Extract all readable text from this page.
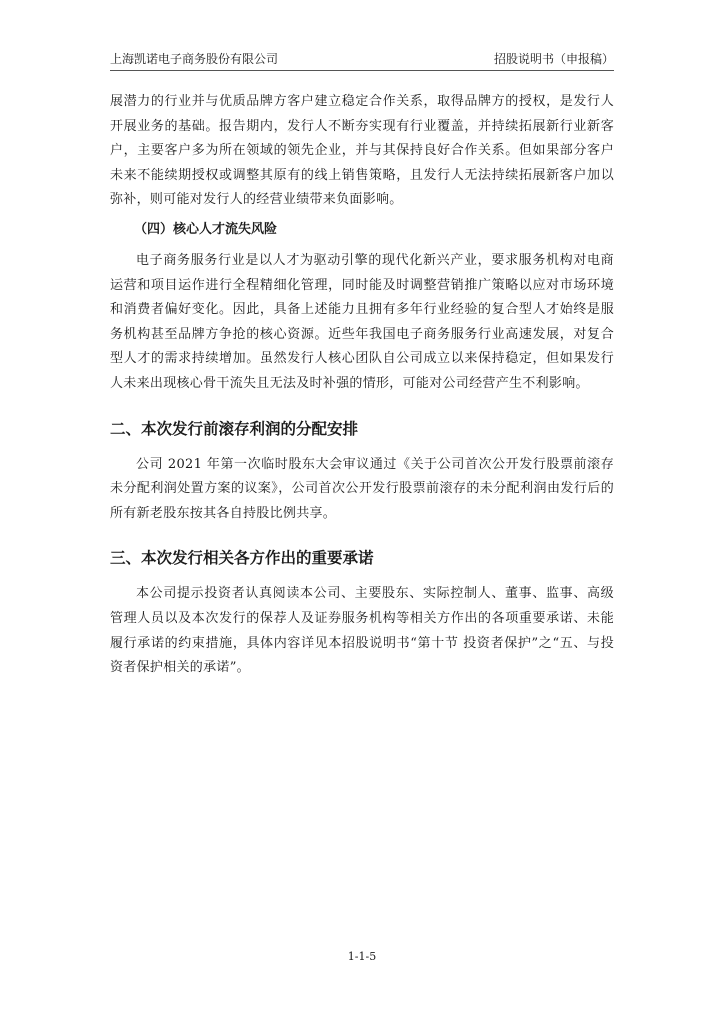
上海凯诺电子商务股份有限公司	招股说明书（申报稿）

展潜力的行业并与优质品牌方客户建立稳定合作关系，取得品牌方的授权，是发行人开展业务的基础。报告期内，发行人不断夯实现有行业覆盖，并持续拓展新行业新客户，主要客户多为所在领域的领先企业，并与其保持良好合作关系。但如果部分客户未来不能续期授权或调整其原有的线上销售策略，且发行人无法持续拓展新客户加以弥补，则可能对发行人的经营业绩带来负面影响。

（四）核心人才流失风险

电子商务服务行业是以人才为驱动引擎的现代化新兴产业，要求服务机构对电商运营和项目运作进行全程精细化管理，同时能及时调整营销推广策略以应对市场环境和消费者偏好变化。因此，具备上述能力且拥有多年行业经验的复合型人才始终是服务机构甚至品牌方争抢的核心资源。近些年我国电子商务服务行业高速发展，对复合型人才的需求持续增加。虽然发行人核心团队自公司成立以来保持稳定，但如果发行人未来出现核心骨干流失且无法及时补强的情形，可能对公司经营产生不利影响。

二、本次发行前滚存利润的分配安排

公司 2021 年第一次临时股东大会审议通过《关于公司首次公开发行股票前滚存未分配利润处置方案的议案》，公司首次公开发行股票前滚存的未分配利润由发行后的所有新老股东按其各自持股比例共享。

三、本次发行相关各方作出的重要承诺

本公司提示投资者认真阅读本公司、主要股东、实际控制人、董事、监事、高级管理人员以及本次发行的保荐人及证券服务机构等相关方作出的各项重要承诺、未能履行承诺的约束措施，具体内容详见本招股说明书“第十节 投资者保护”之“五、与投资者保护相关的承诺”。

1-1-5
